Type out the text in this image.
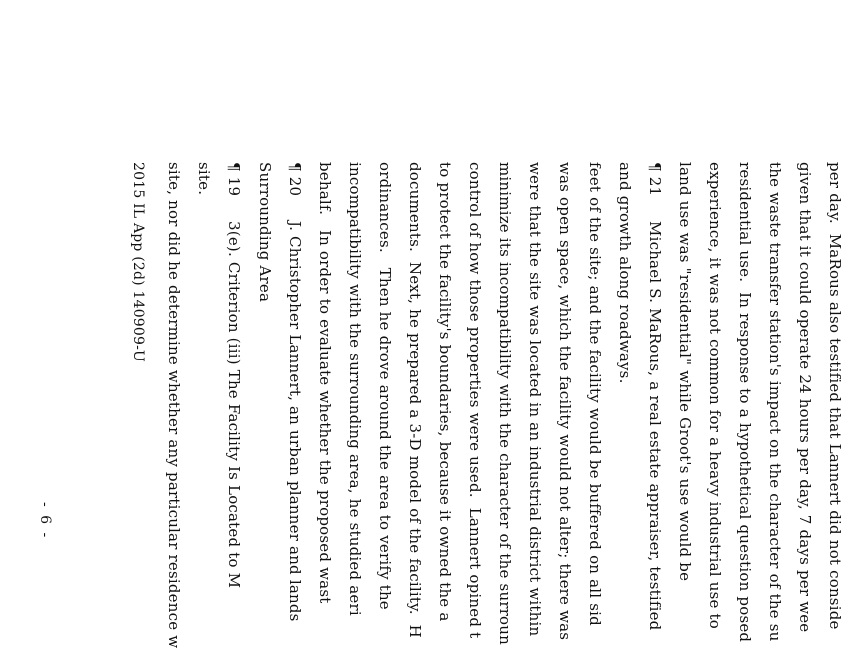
2015 IL App (2d) 140909-U site, nor did he determine whether any particular residence w site. ¶ 19     3(e). Criterion (iii) The Facility Is Located to M Surrounding Area ¶ 20     J. Christopher Lannert, an urban planner and lands behalf.   In order to evaluate whether the proposed wast incompatibility with the surrounding area, he studied aeri ordinances.   Then he drove around the area to verify the documents.  Next, he prepared a 3-D model of the facility.  H to protect the facility's boundaries, because it owned the a control of how those properties were used.  Lannert opined t minimize its incompatibility with the character of the surroun were that the site was located in an industrial district within was open space, which the facility would not alter; there was feet of the site; and the facility would be buffered on all sid and growth along roadways. ¶ 21     Michael S. MaRous, a real estate appraiser, testified land use was "residential" while Groot's use would be experience, it was not common for a heavy industrial use to residential use.  In response to a hypothetical question posed the waste transfer station's impact on the character of the su given that it could operate 24 hours per day, 7 days per wee per day.  MaRous also testified that Lannert did not conside
- 6 -
